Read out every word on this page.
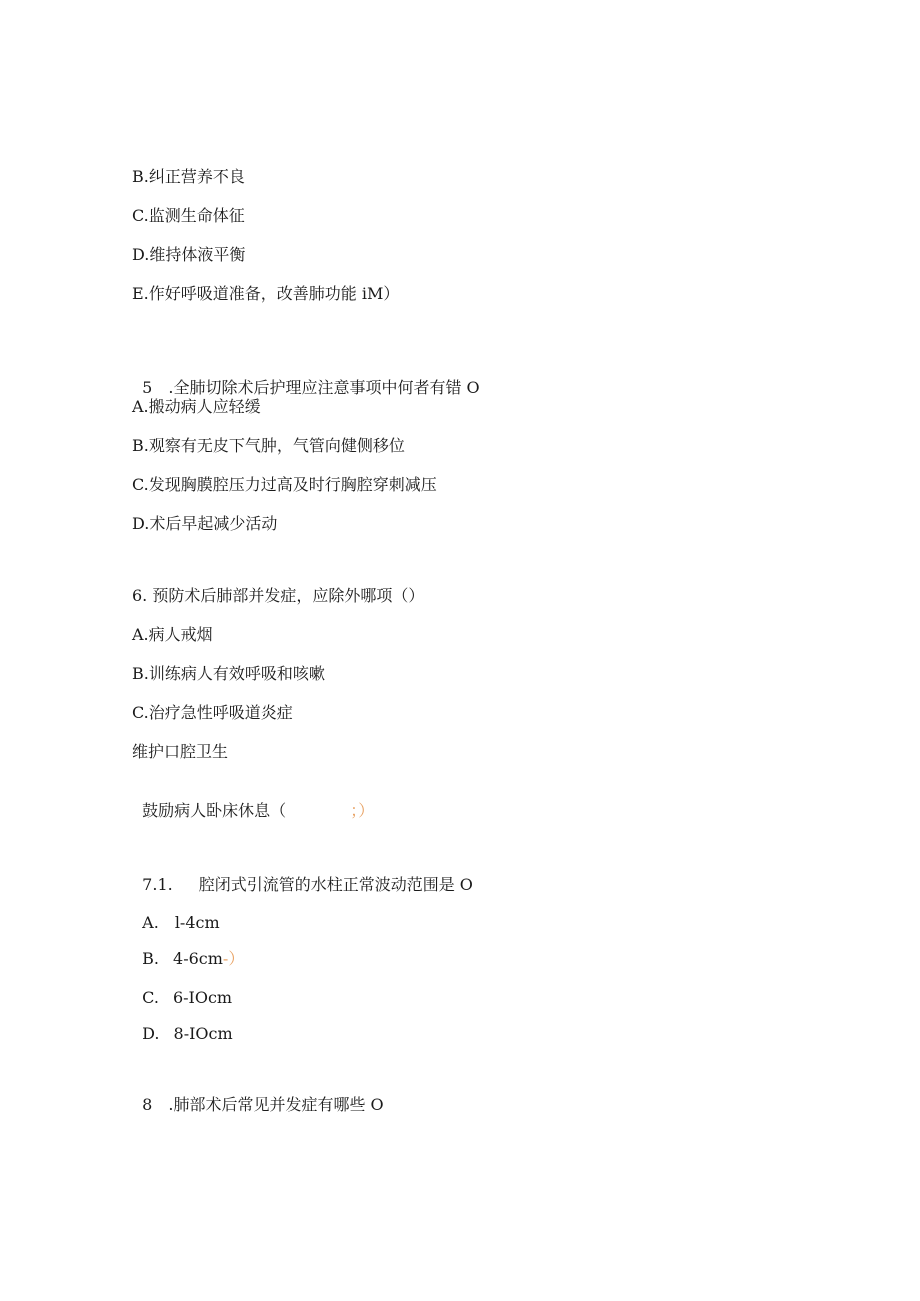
B.纠正营养不良
C.监测生命体征
D.维持体液平衡
E.作好呼吸道准备，改善肺功能 iM）

5 .全肺切除术后护理应注意事项中何者有错 O

A.搬动病人应轻缓
B.观察有无皮下气肿，气管向健侧移位
C.发现胸膜腔压力过高及时行胸腔穿刺减压
D.术后早起减少活动
6. 预防术后肺部并发症，应除外哪项（）
A.病人戒烟
B.训练病人有效呼吸和咳嗽
C.治疗急性呼吸道炎症
维护口腔卫生

鼓励病人卧床休息（	；）

7.1. 腔闭式引流管的水柱正常波动范围是 O

A. l-4cm

B. 4-6cm-）

C. 6-IOcm

D. 8-IOcm

8 .肺部术后常见并发症有哪些 O
